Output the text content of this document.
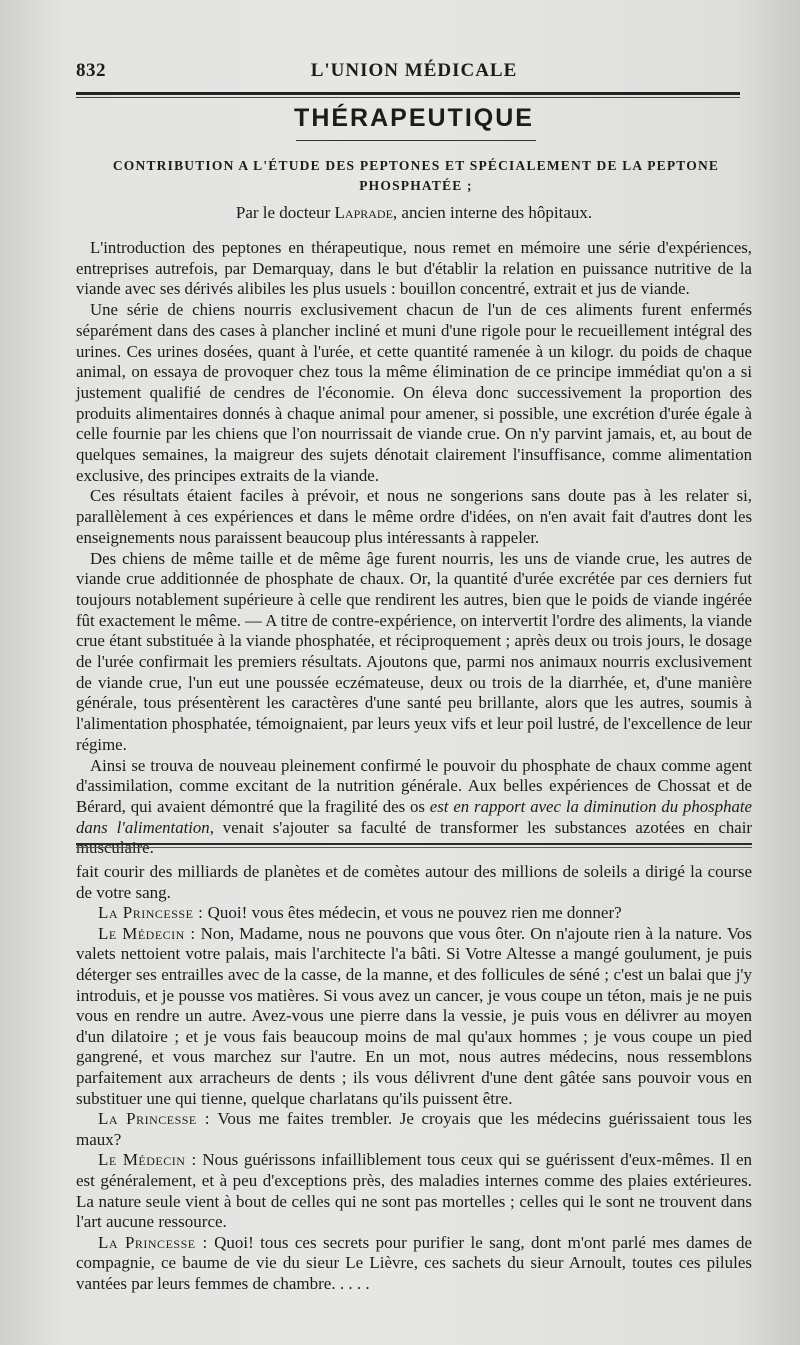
832	L'UNION MÉDICALE
THÉRAPEUTIQUE
CONTRIBUTION A L'ÉTUDE DES PEPTONES ET SPÉCIALEMENT DE LA PEPTONE PHOSPHATÉE ;
Par le docteur Laprade, ancien interne des hôpitaux.

L'introduction des peptones en thérapeutique, nous remet en mémoire une série d'expériences, entreprises autrefois, par Demarquay, dans le but d'établir la relation en puissance nutritive de la viande avec ses dérivés alibiles les plus usuels : bouillon concentré, extrait et jus de viande.

Une série de chiens nourris exclusivement chacun de l'un de ces aliments furent enfermés séparément dans des cases à plancher incliné et muni d'une rigole pour le recueillement intégral des urines. Ces urines dosées, quant à l'urée, et cette quantité ramenée à un kilogr. du poids de chaque animal, on essaya de provoquer chez tous la même élimination de ce principe immédiat qu'on a si justement qualifié de cendres de l'économie. On éleva donc successivement la proportion des produits alimentaires donnés à chaque animal pour amener, si possible, une excrétion d'urée égale à celle fournie par les chiens que l'on nourrissait de viande crue. On n'y parvint jamais, et, au bout de quelques semaines, la maigreur des sujets dénotait clairement l'insuffisance, comme alimentation exclusive, des principes extraits de la viande.

Ces résultats étaient faciles à prévoir, et nous ne songerions sans doute pas à les relater si, parallèlement à ces expériences et dans le même ordre d'idées, on n'en avait fait d'autres dont les enseignements nous paraissent beaucoup plus intéressants à rappeler.

Des chiens de même taille et de même âge furent nourris, les uns de viande crue, les autres de viande crue additionnée de phosphate de chaux. Or, la quantité d'urée excrétée par ces derniers fut toujours notablement supérieure à celle que rendirent les autres, bien que le poids de viande ingérée fût exactement le même. — A titre de contre-expérience, on intervertit l'ordre des aliments, la viande crue étant substituée à la viande phosphatée, et réciproquement ; après deux ou trois jours, le dosage de l'urée confirmait les premiers résultats. Ajoutons que, parmi nos animaux nourris exclusivement de viande crue, l'un eut une poussée eczémateuse, deux ou trois de la diarrhée, et, d'une manière générale, tous présentèrent les caractères d'une santé peu brillante, alors que les autres, soumis à l'alimentation phosphatée, témoignaient, par leurs yeux vifs et leur poil lustré, de l'excellence de leur régime.

Ainsi se trouva de nouveau pleinement confirmé le pouvoir du phosphate de chaux comme agent d'assimilation, comme excitant de la nutrition générale. Aux belles expériences de Chossat et de Bérard, qui avaient démontré que la fragilité des os est en rapport avec la diminution du phosphate dans l'alimentation, venait s'ajouter sa faculté de transformer les substances azotées en chair musculaire.

fait courir des milliards de planètes et de comètes autour des millions de soleils a dirigé la course de votre sang.

La Princesse : Quoi! vous êtes médecin, et vous ne pouvez rien me donner?

Le Médecin : Non, Madame, nous ne pouvons que vous ôter. On n'ajoute rien à la nature. Vos valets nettoient votre palais, mais l'architecte l'a bâti. Si Votre Altesse a mangé goulument, je puis déterger ses entrailles avec de la casse, de la manne, et des follicules de séné ; c'est un balai que j'y introduis, et je pousse vos matières. Si vous avez un cancer, je vous coupe un téton, mais je ne puis vous en rendre un autre. Avez-vous une pierre dans la vessie, je puis vous en délivrer au moyen d'un dilatoire ; et je vous fais beaucoup moins de mal qu'aux hommes ; je vous coupe un pied gangrené, et vous marchez sur l'autre. En un mot, nous autres médecins, nous ressemblons parfaitement aux arracheurs de dents ; ils vous délivrent d'une dent gâtée sans pouvoir vous en substituer une qui tienne, quelque charlatans qu'ils puissent être.

La Princesse : Vous me faites trembler. Je croyais que les médecins guérissaient tous les maux?

Le Médecin : Nous guérissons infailliblement tous ceux qui se guérissent d'eux-mêmes. Il en est généralement, et à peu d'exceptions près, des maladies internes comme des plaies extérieures. La nature seule vient à bout de celles qui ne sont pas mortelles ; celles qui le sont ne trouvent dans l'art aucune ressource.

La Princesse : Quoi! tous ces secrets pour purifier le sang, dont m'ont parlé mes dames de compagnie, ce baume de vie du sieur Le Lièvre, ces sachets du sieur Arnoult, toutes ces pilules vantées par leurs femmes de chambre. . . . .
